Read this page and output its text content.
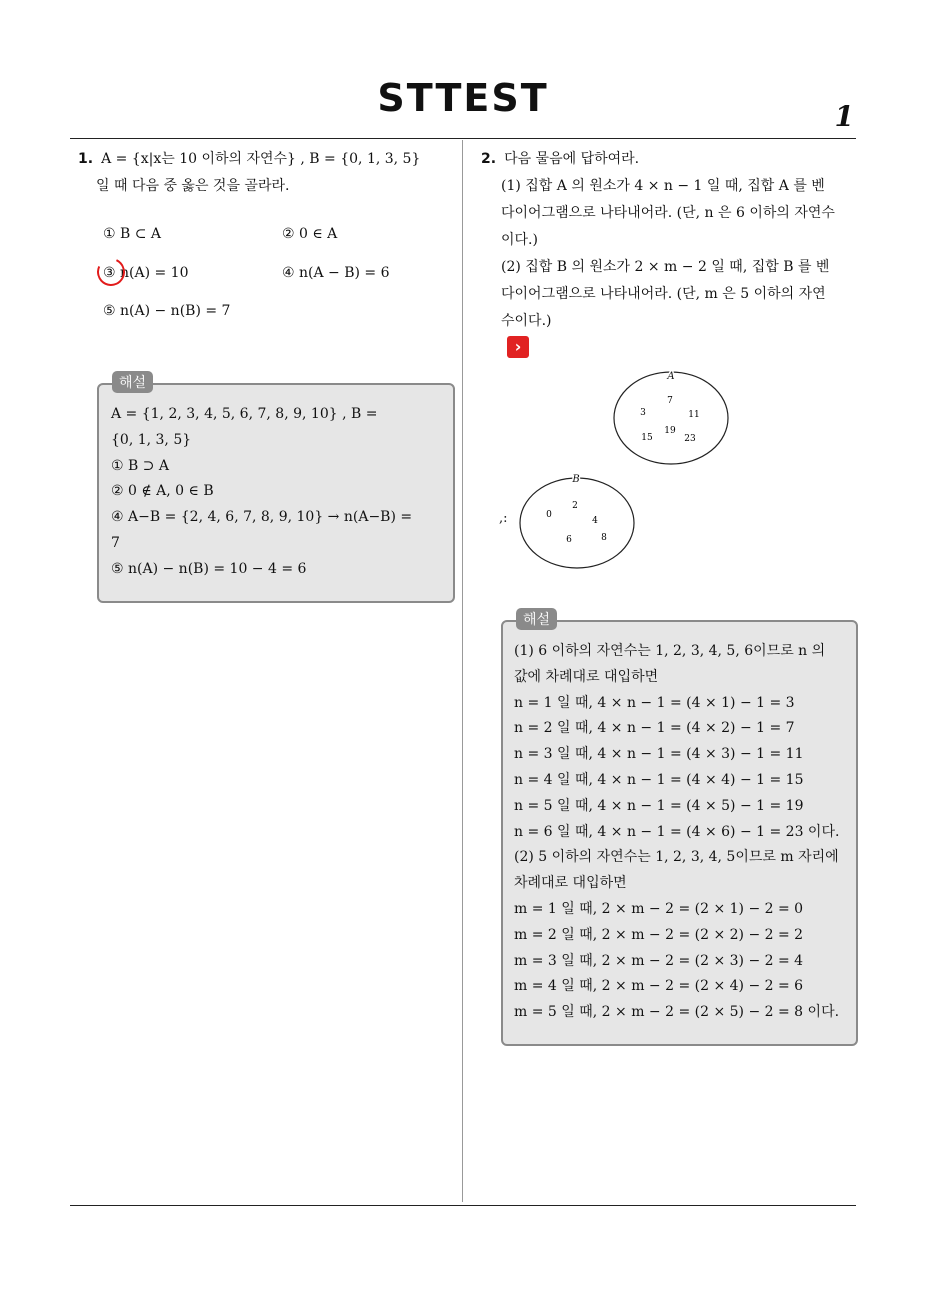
STTEST	1
1. A = {x|x는 10 이하의 자연수} , B = {0, 1, 3, 5}
일 때 다음 중 옳은 것을 골라라.
① B ⊂ A	② 0 ∈ A
③ n(A) = 10	④ n(A − B) = 6
⑤ n(A) − n(B) = 7
A = {1, 2, 3, 4, 5, 6, 7, 8, 9, 10} , B =
{0, 1, 3, 5}
① B ⊃ A
② 0 ∉ A, 0 ∈ B
④ A−B = {2, 4, 6, 7, 8, 9, 10} → n(A−B) =
7
⑤ n(A) − n(B) = 10 − 4 = 6
해설
2. 다음 물음에 답하여라.
(1) 집합 A 의 원소가 4 × n − 1 일 때, 집합 A 를 벤
다이어그램으로 나타내어라. (단, n 은 6 이하의 자연수
이다.)
(2) 집합 B 의 원소가 2 × m − 2 일 때, 집합 B 를 벤
다이어그램으로 나타내어라. (단, m 은 5 이하의 자연
수이다.)
›
A
7
3	11
19
15	23
B
2
0
4
6	8
,:
(1) 6 이하의 자연수는 1, 2, 3, 4, 5, 6이므로 n 의
값에 차례대로 대입하면
n = 1 일 때, 4 × n − 1 = (4 × 1) − 1 = 3
n = 2 일 때, 4 × n − 1 = (4 × 2) − 1 = 7
n = 3 일 때, 4 × n − 1 = (4 × 3) − 1 = 11
n = 4 일 때, 4 × n − 1 = (4 × 4) − 1 = 15
n = 5 일 때, 4 × n − 1 = (4 × 5) − 1 = 19
n = 6 일 때, 4 × n − 1 = (4 × 6) − 1 = 23 이다.
(2) 5 이하의 자연수는 1, 2, 3, 4, 5이므로 m 자리에
차례대로 대입하면
m = 1 일 때, 2 × m − 2 = (2 × 1) − 2 = 0
m = 2 일 때, 2 × m − 2 = (2 × 2) − 2 = 2
m = 3 일 때, 2 × m − 2 = (2 × 3) − 2 = 4
m = 4 일 때, 2 × m − 2 = (2 × 4) − 2 = 6
m = 5 일 때, 2 × m − 2 = (2 × 5) − 2 = 8 이다.
해설
